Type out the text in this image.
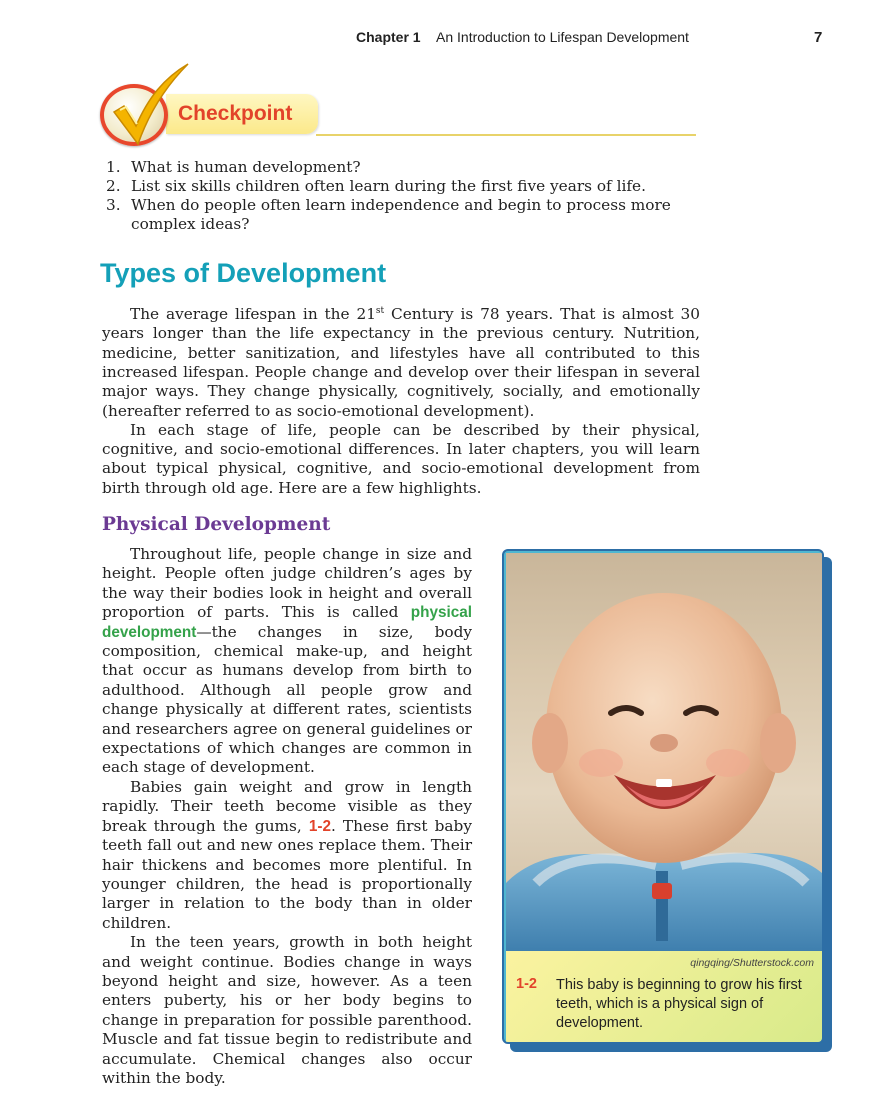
Chapter 1 An Introduction to Lifespan Development	7
Checkpoint
1. What is human development?
2. List six skills children often learn during the first five years of life.
3. When do people often learn independence and begin to process more complex ideas?
Types of Development

The average lifespan in the 21st Century is 78 years. That is almost 30 years longer than the life expectancy in the previous century. Nutrition, medicine, better sanitization, and lifestyles have all contributed to this increased lifespan. People change and develop over their lifespan in several major ways. They change physically, cognitively, socially, and emotionally (hereafter referred to as socio-emotional development).

In each stage of life, people can be described by their physical, cognitive, and socio-emotional differences. In later chapters, you will learn about typical physical, cognitive, and socio-emotional development from birth through old age. Here are a few highlights.

Physical Development

Throughout life, people change in size and height. People often judge children’s ages by the way their bodies look in height and overall proportion of parts. This is called physical development—the changes in size, body composition, chemical make-up, and height that occur as humans develop from birth to adulthood. Although all people grow and change physically at different rates, scientists and researchers agree on general guidelines or expectations of which changes are common in each stage of development.

Babies gain weight and grow in length rapidly. Their teeth become visible as they break through the gums, 1-2. These first baby teeth fall out and new ones replace them. Their hair thickens and becomes more plentiful. In younger children, the head is proportionally larger in relation to the body than in older children.

In the teen years, growth in both height and weight continue. Bodies change in ways beyond height and size, however. As a teen enters puberty, his or her body begins to change in preparation for possible parenthood. Muscle and fat tissue begin to redistribute and accumulate. Chemical changes also occur within the body.

qingqing/Shutterstock.com
1-2 This baby is beginning to grow his first teeth, which is a physical sign of development.
